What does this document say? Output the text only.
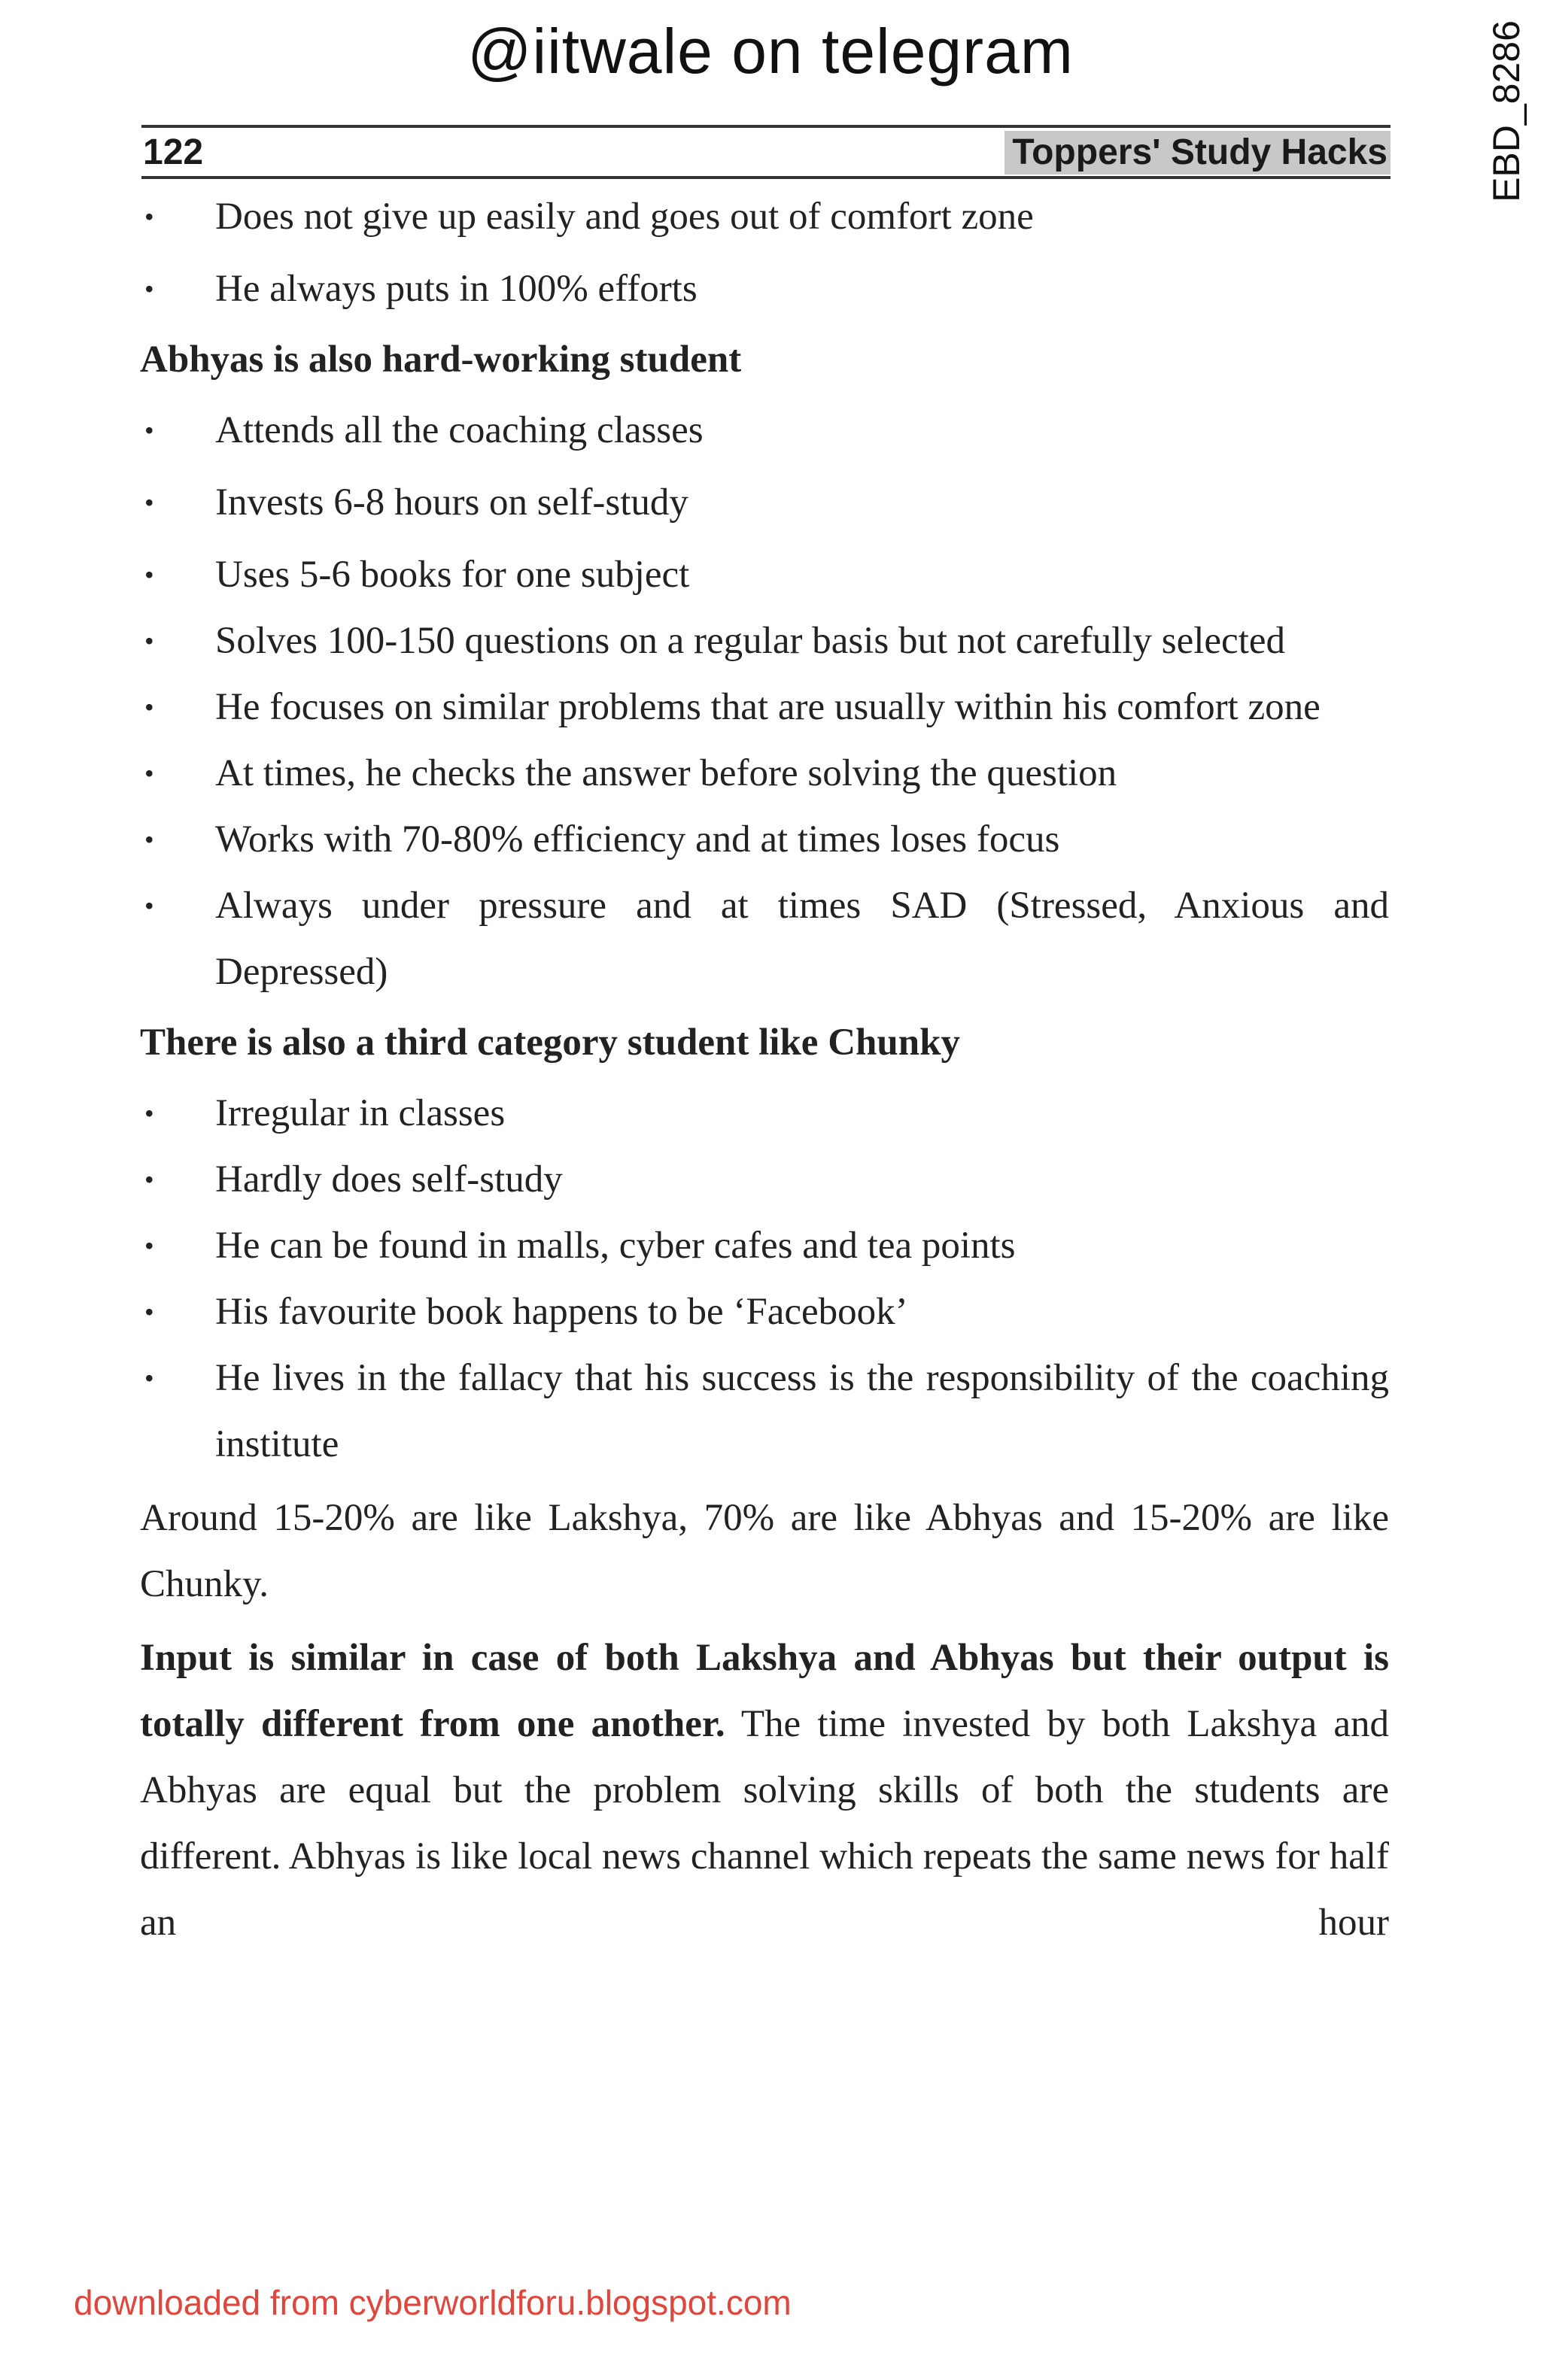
@iitwale on telegram	EBD_8286
122	Toppers' Study Hacks
• Does not give up easily and goes out of comfort zone
• He always puts in 100% efforts
Abhyas is also hard-working student
• Attends all the coaching classes
• Invests 6-8 hours on self-study
• Uses 5-6 books for one subject
• Solves 100-150 questions on a regular basis but not carefully selected
• He focuses on similar problems that are usually within his comfort zone
• At times, he checks the answer before solving the question
• Works with 70-80% efficiency and at times loses focus
• Always under pressure and at times SAD (Stressed, Anxious and Depressed)
There is also a third category student like Chunky
• Irregular in classes
• Hardly does self-study
• He can be found in malls, cyber cafes and tea points
• His favourite book happens to be ‘Facebook’
• He lives in the fallacy that his success is the responsibility of the coaching institute
Around 15-20% are like Lakshya, 70% are like Abhyas and 15-20% are like Chunky.
Input is similar in case of both Lakshya and Abhyas but their output is totally different from one another. The time invested by both Lakshya and Abhyas are equal but the problem solving skills of both the students are different. Abhyas is like local news channel which repeats the same news for half an hour
downloaded from cyberworldforu.blogspot.com
